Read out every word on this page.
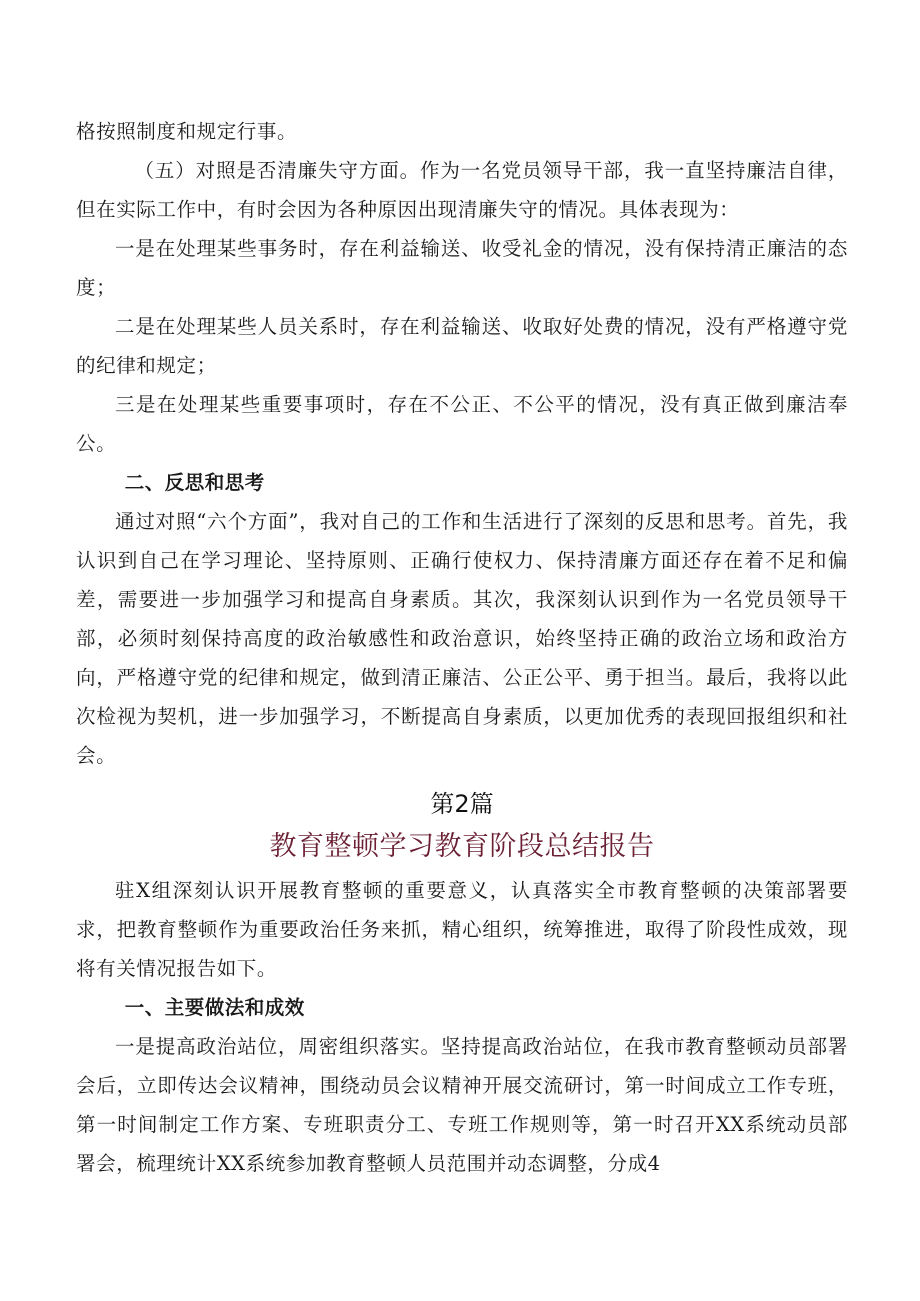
格按照制度和规定行事。

（五）对照是否清廉失守方面。作为一名党员领导干部，我一直坚持廉洁自律，但在实际工作中，有时会因为各种原因出现清廉失守的情况。具体表现为：

一是在处理某些事务时，存在利益输送、收受礼金的情况，没有保持清正廉洁的态度；

二是在处理某些人员关系时，存在利益输送、收取好处费的情况，没有严格遵守党的纪律和规定；

三是在处理某些重要事项时，存在不公正、不公平的情况，没有真正做到廉洁奉公。

二、反思和思考

通过对照“六个方面”，我对自己的工作和生活进行了深刻的反思和思考。首先，我认识到自己在学习理论、坚持原则、正确行使权力、保持清廉方面还存在着不足和偏差，需要进一步加强学习和提高自身素质。其次，我深刻认识到作为一名党员领导干部，必须时刻保持高度的政治敏感性和政治意识，始终坚持正确的政治立场和政治方向，严格遵守党的纪律和规定，做到清正廉洁、公正公平、勇于担当。最后，我将以此次检视为契机，进一步加强学习，不断提高自身素质，以更加优秀的表现回报组织和社会。

第2篇
教育整顿学习教育阶段总结报告

驻X组深刻认识开展教育整顿的重要意义，认真落实全市教育整顿的决策部署要求，把教育整顿作为重要政治任务来抓，精心组织，统筹推进，取得了阶段性成效，现将有关情况报告如下。

一、主要做法和成效

一是提高政治站位，周密组织落实。坚持提高政治站位，在我市教育整顿动员部署会后，立即传达会议精神，围绕动员会议精神开展交流研讨，第一时间成立工作专班，第一时间制定工作方案、专班职责分工、专班工作规则等，第一时召开XX系统动员部署会，梳理统计XX系统参加教育整顿人员范围并动态调整，分成4
